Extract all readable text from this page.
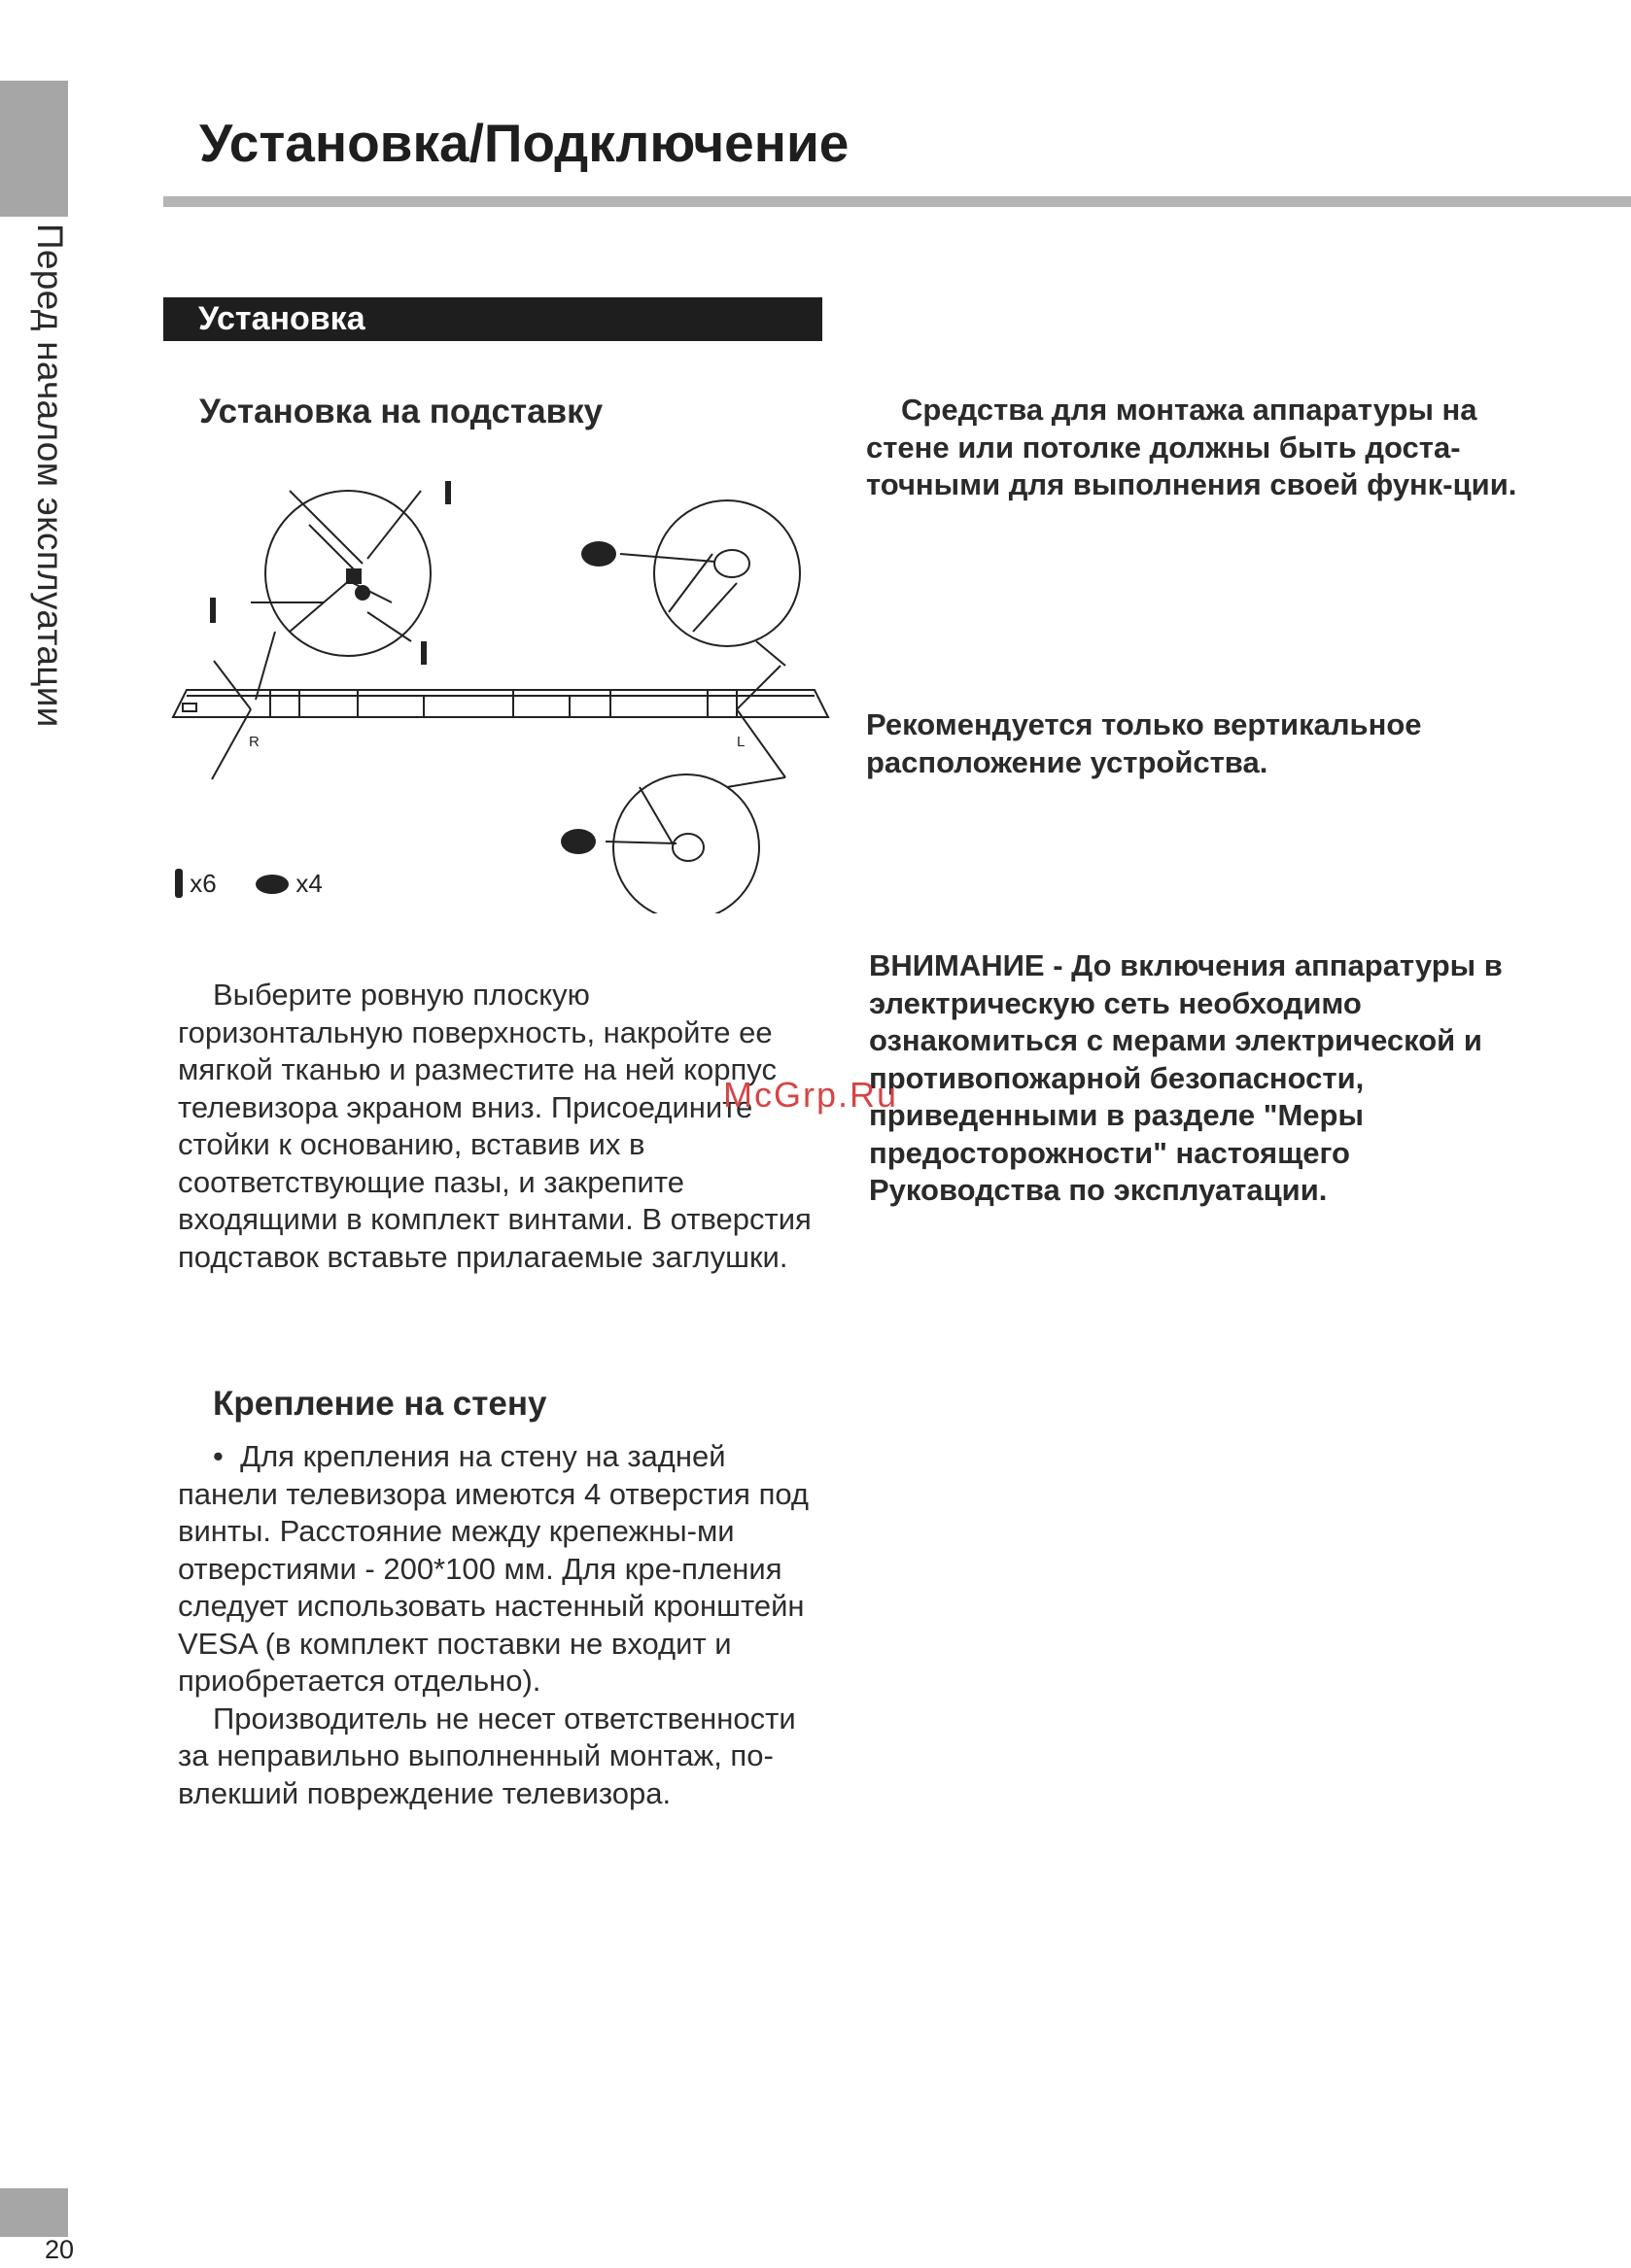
Перед началом эксплуатации
20
Установка/Подключение
Установка
Установка на подставку
R	L
x6	x4
Выберите ровную плоскую горизонтальную поверхность, накройте ее мягкой тканью и разместите на ней корпус телевизора экраном вниз. Присоедините стойки к основанию, вставив их в соответствующие пазы, и закрепите входящими в комплект винтами. В отверстия подставок вставьте прилагаемые заглушки.
Крепление на стену

• Для крепления на стену на задней панели телевизора имеются 4 отверстия под винты. Расстояние между крепежны-ми отверстиями - 200*100 мм. Для кре-пления следует использовать настенный кронштейн VESA (в комплект поставки не входит и приобретается отдельно).

Производитель не несет ответственности за неправильно выполненный монтаж, по-влекший повреждение телевизора.

Средства для монтажа аппаратуры на стене или потолке должны быть доста-точными для выполнения своей функ-ции.
Рекомендуется только вертикальное расположение устройства.
ВНИМАНИЕ - До включения аппаратуры в электрическую сеть необходимо ознакомиться с мерами электрической и противопожарной безопасности, приведенными в разделе "Меры предосторожности" настоящего Руководства по эксплуатации.
McGrp.Ru
